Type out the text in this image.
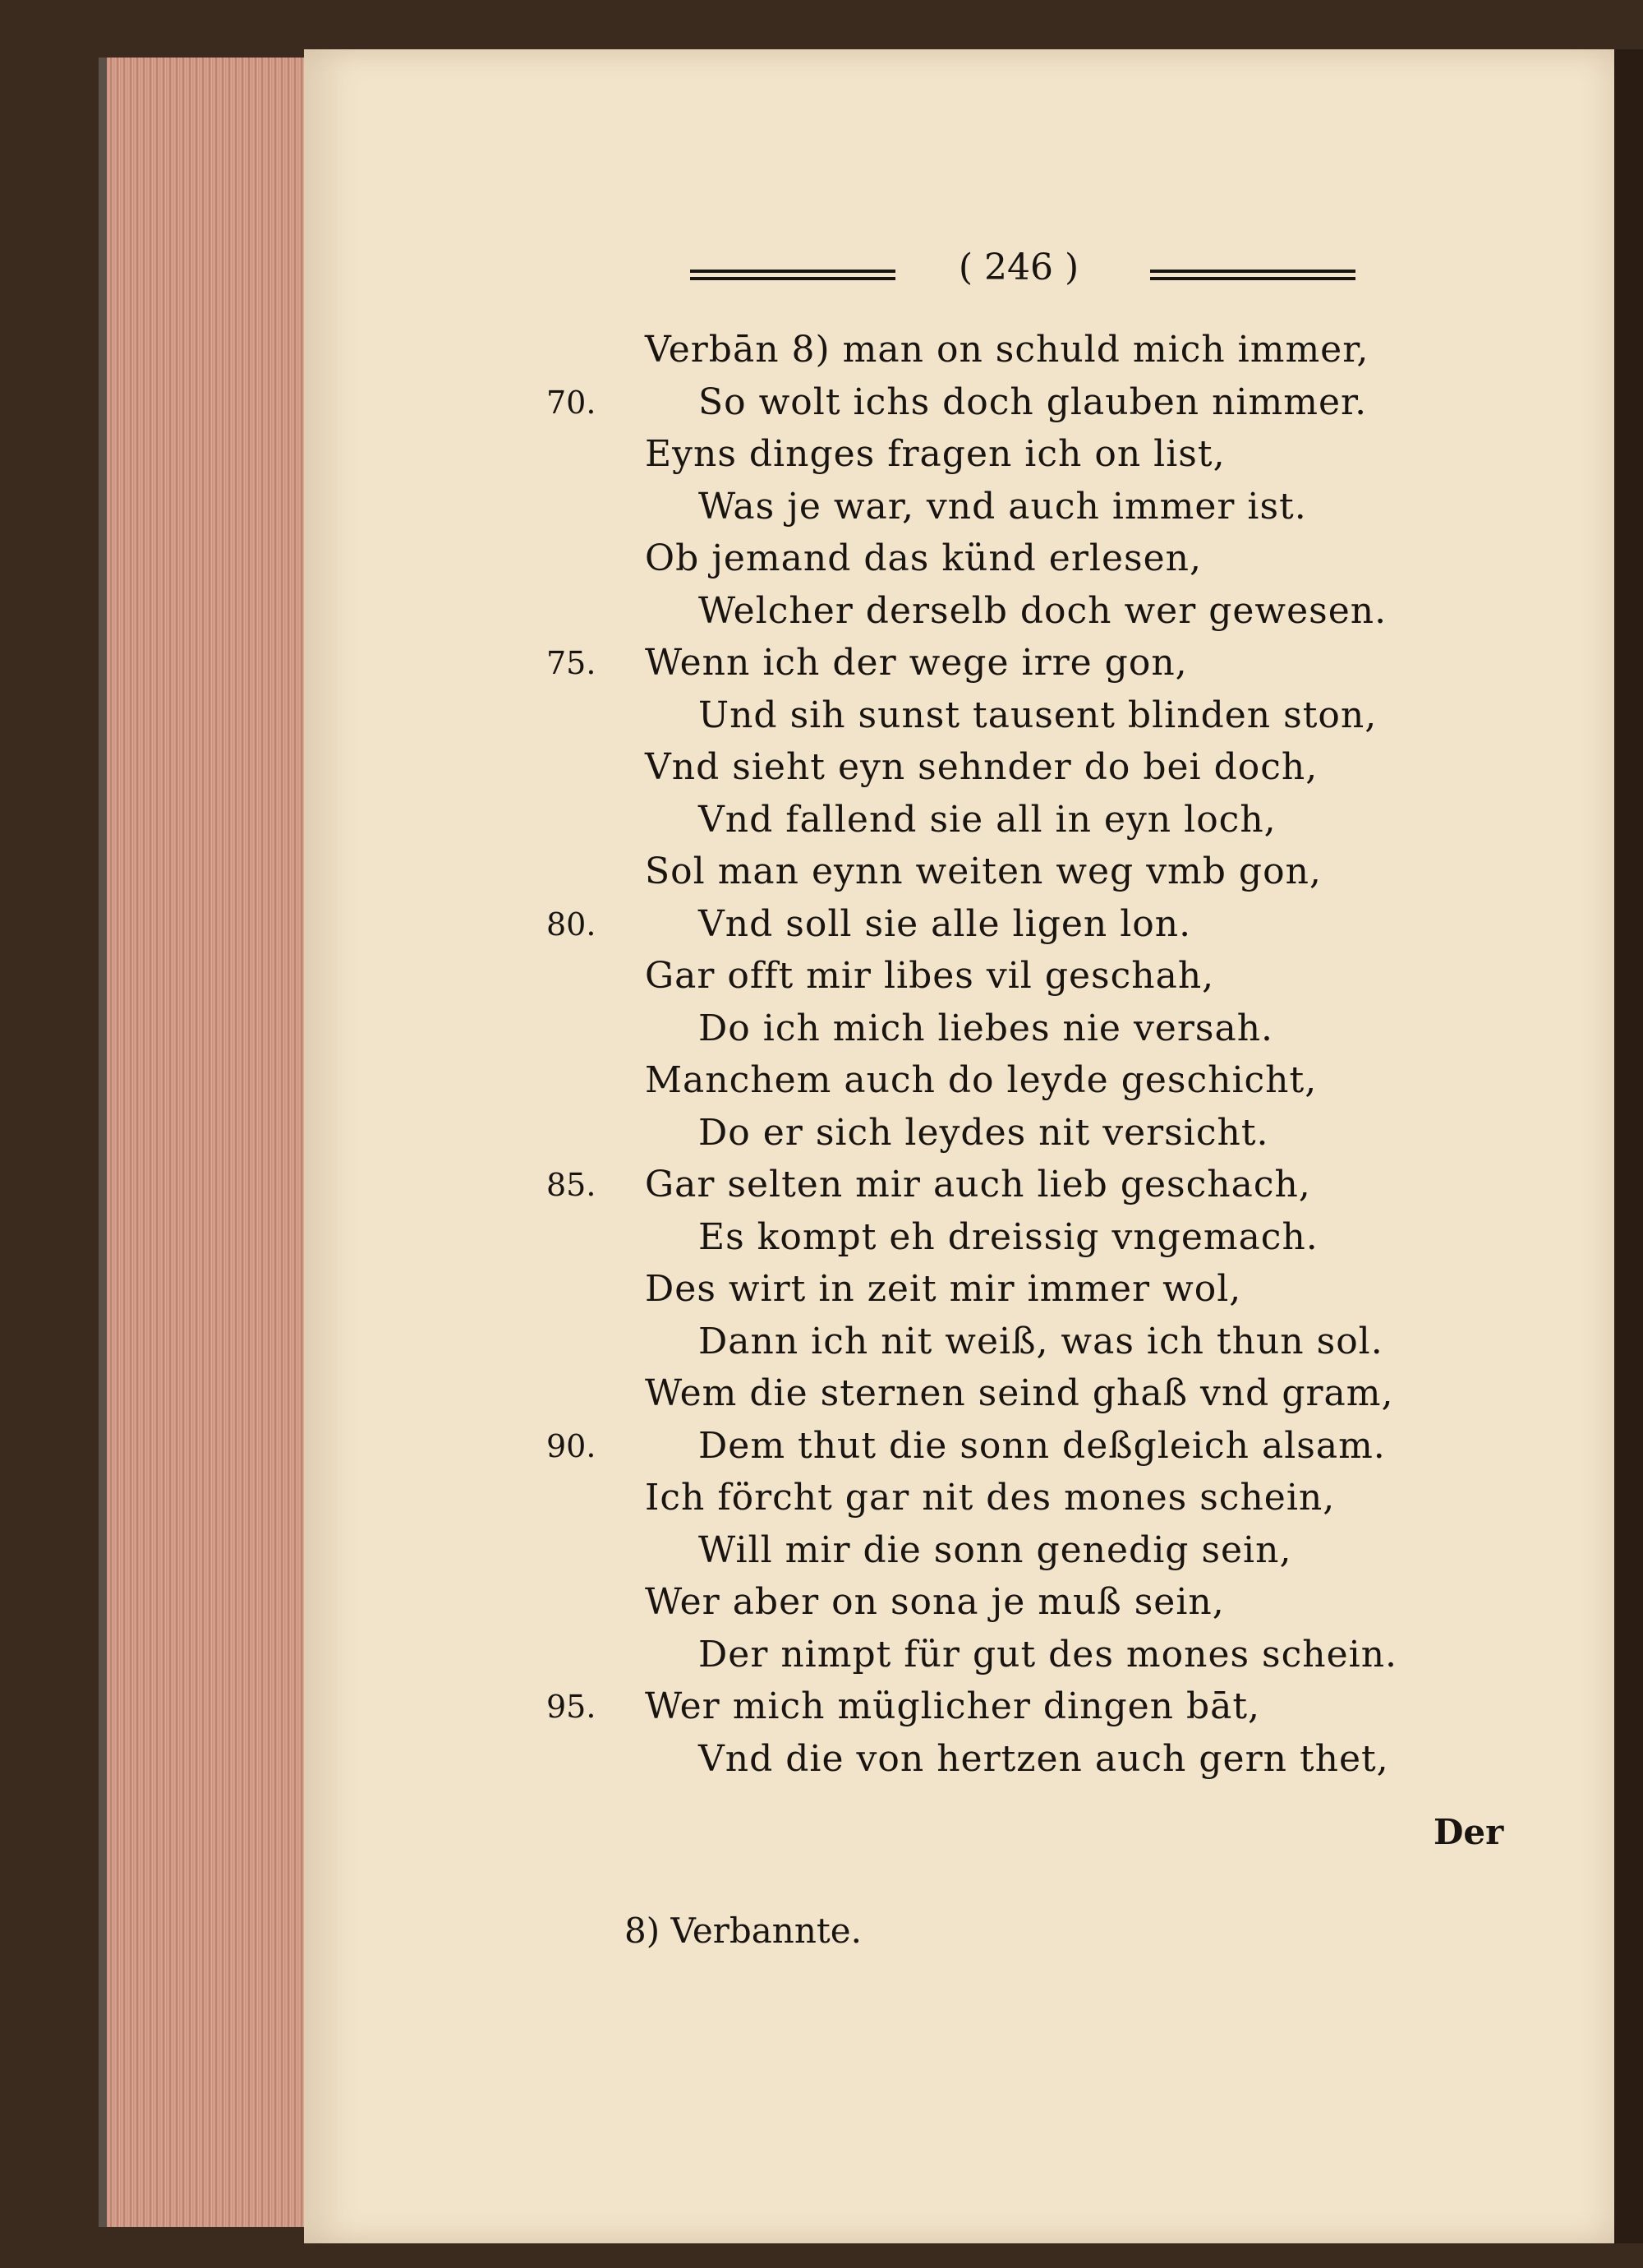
( 246 )
Verbān 8) man on schuld mich immer,
So wolt ichs doch glauben nimmer.
70.
Eyns dinges fragen ich on list,
Was je war, vnd auch immer ist.
Ob jemand das künd erlesen,
Welcher derselb doch wer gewesen.
Wenn ich der wege irre gon,
75.
Und sih sunst tausent blinden ston,
Vnd sieht eyn sehnder do bei doch,
Vnd fallend sie all in eyn loch,
Sol man eynn weiten weg vmb gon,
Vnd soll sie alle ligen lon.
80.
Gar offt mir libes vil geschah,
Do ich mich liebes nie versah.
Manchem auch do leyde geschicht,
Do er sich leydes nit versicht.
Gar selten mir auch lieb geschach,
85.
Es kompt eh dreissig vngemach.
Des wirt in zeit mir immer wol,
Dann ich nit weiß, was ich thun sol.
Wem die sternen seind ghaß vnd gram,
Dem thut die sonn deßgleich alsam.
90.
Ich förcht gar nit des mones schein,
Will mir die sonn genedig sein,
Wer aber on sona je muß sein,
Der nimpt für gut des mones schein.
Wer mich müglicher dingen bāt,
95.
Vnd die von hertzen auch gern thet,
Der
8) Verbannte.
